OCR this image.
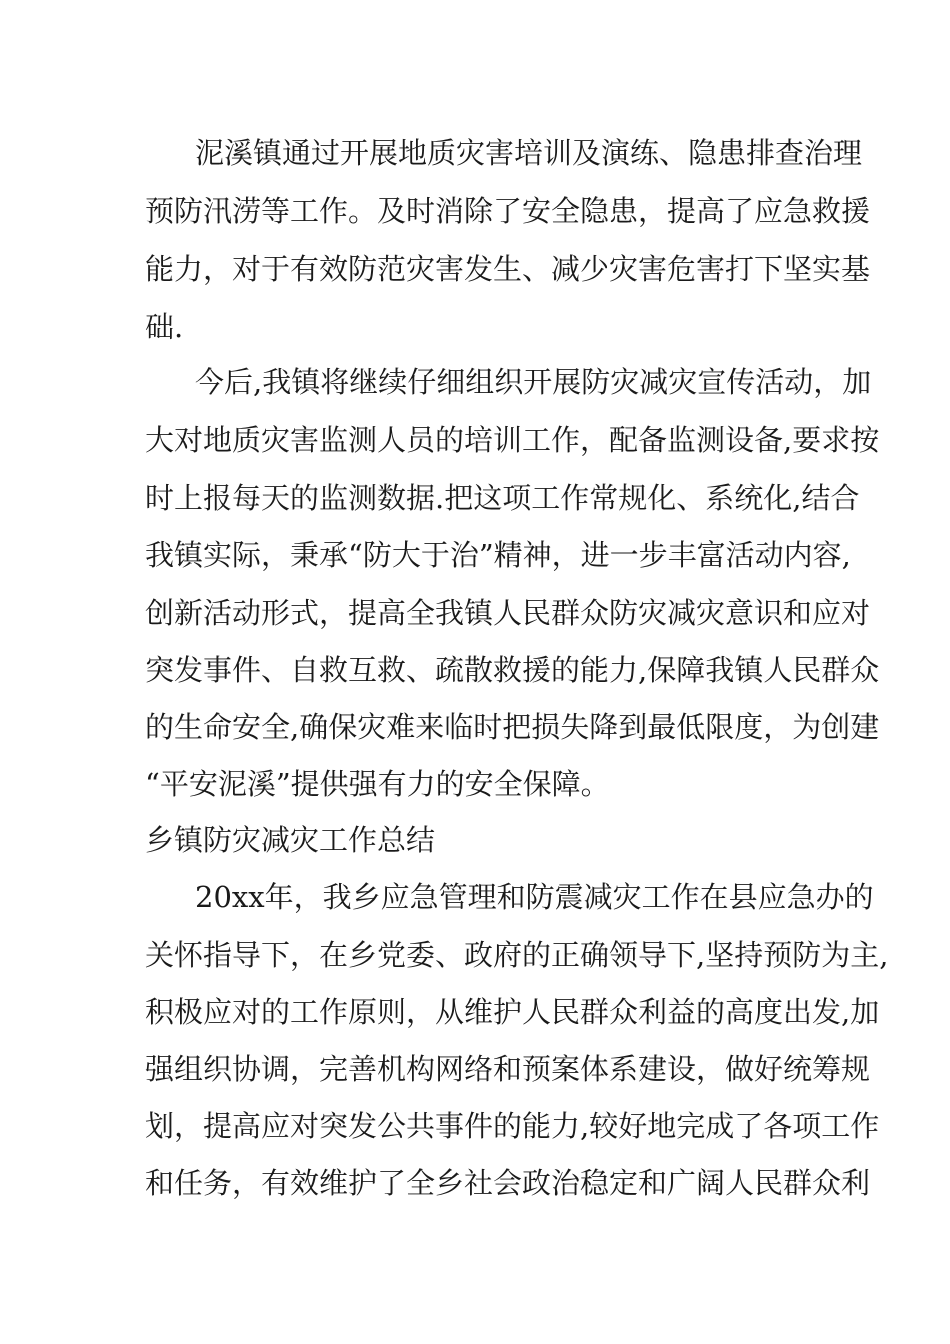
泥溪镇通过开展地质灾害培训及演练、隐患排查治理
预防汛涝等工作。及时消除了安全隐患，提高了应急救援
能力，对于有效防范灾害发生、减少灾害危害打下坚实基
础.
今后,我镇将继续仔细组织开展防灾减灾宣传活动，加
大对地质灾害监测人员的培训工作，配备监测设备,要求按
时上报每天的监测数据.把这项工作常规化、系统化,结合
我镇实际，秉承“防大于治”精神，进一步丰富活动内容,
创新活动形式，提高全我镇人民群众防灾减灾意识和应对
突发事件、自救互救、疏散救援的能力,保障我镇人民群众
的生命安全,确保灾难来临时把损失降到最低限度，为创建
“平安泥溪”提供强有力的安全保障。
乡镇防灾减灾工作总结
20xx年，我乡应急管理和防震减灾工作在县应急办的
关怀指导下，在乡党委、政府的正确领导下,坚持预防为主,
积极应对的工作原则，从维护人民群众利益的高度出发,加
强组织协调，完善机构网络和预案体系建设，做好统筹规
划，提高应对突发公共事件的能力,较好地完成了各项工作
和任务，有效维护了全乡社会政治稳定和广阔人民群众利
